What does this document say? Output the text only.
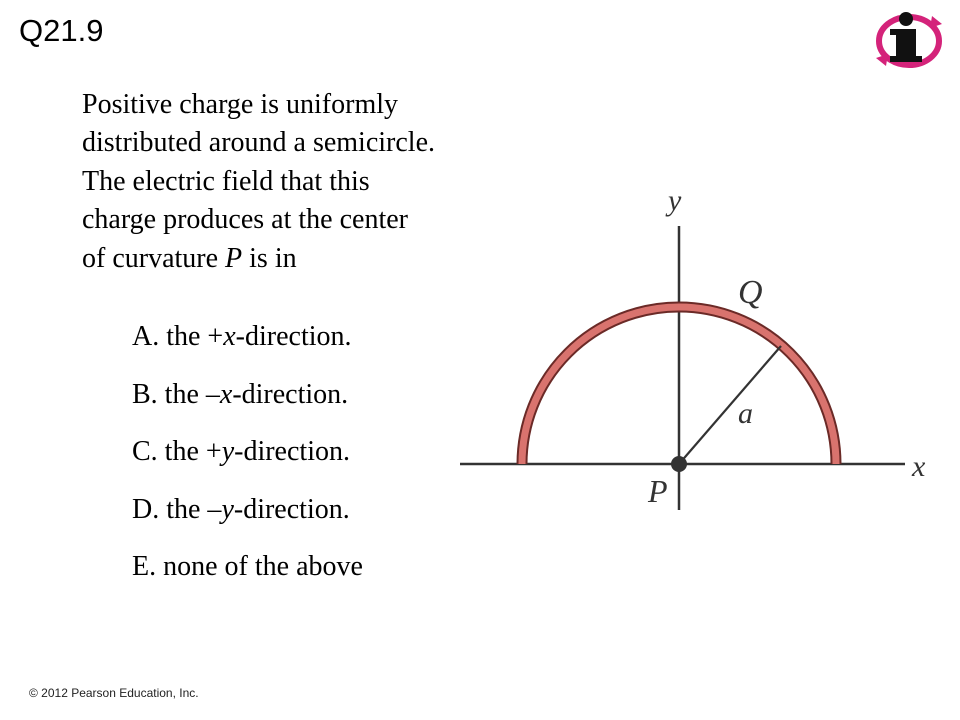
Q21.9
Positive charge is uniformly
distributed around a semicircle.
The electric field that this
charge produces at the center
of curvature P is in
A. the +x-direction.
B. the –x-direction.
C. the +y-direction.
D. the –y-direction.
E. none of the above
y
x
Q
a
P
© 2012 Pearson Education, Inc.
